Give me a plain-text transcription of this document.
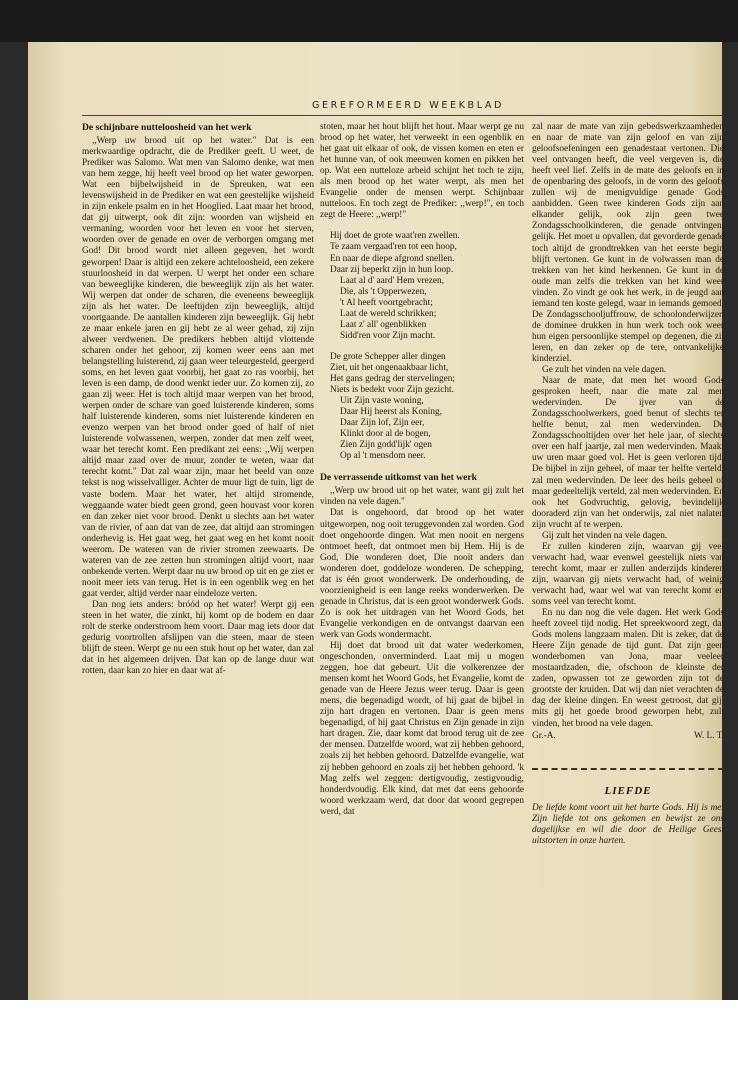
GEREFORMEERD WEEKBLAD
De schijnbare nutteloosheid van het werk

,,Werp uw brood uit op het water." Dat is een merkwaardige opdracht, die de Prediker geeft. U weet, de Prediker was Salomo. Wat men van Salomo denke, wat men van hem zegge, hij heeft veel brood op het water geworpen. Wat een bijbelwijsheid in de Spreuken, wat een levenswijsheid in de Prediker en wat een geestelijke wijsheid in zijn enkele psalm en in het Hooglied. Laat maar het brood, dat gij uitwerpt, ook dit zijn: woorden van wijsheid en vermaning, woorden voor het leven en voor het sterven, woorden over de genade en over de verborgen omgang met God! Dit brood wordt niet alleen gegeven, het wordt geworpen! Daar is altijd een zekere achteloosheid, een zekere stuurloosheid in dat werpen. U werpt het onder een schare van beweeglijke kinderen, die beweeglijk zijn als het water. Wij werpen dat onder de scharen, die eveneens beweeglijk zijn als het water. De leeftijden zijn beweeglijk, altijd voortgaande. De aantallen kinderen zijn beweeglijk. Gij hebt ze maar enkele jaren en gij hebt ze al weer gehad, zij zijn alweer verdwenen. De predikers hebben altijd vlottende scharen onder het gehoor, zij komen weer eens aan met belangstelling luisterend, zij gaan weer teleurgesteld, geergerd soms, en het leven gaat voorbij, het gaat zo ras voorbij, het leven is een damp, de dood wenkt ieder uur. Zo komen zij, zo gaan zij weer. Het is toch altijd maar werpen van het brood, werpen onder de schare van goed luisterende kinderen, soms half luisterende kinderen, soms niet luisterende kinderen en evenzo werpen van het brood onder goed of half of niet luisterende volwassenen, werpen, zonder dat men zelf weet, waar het terecht komt. Een predikant zei eens: ,,Wij werpen altijd maar zaad over de muur, zonder te weten, waar dat terecht komt." Dat zal waar zijn, maar het beeld van onze tekst is nog wisselvalliger. Achter de muur ligt de tuin, ligt de vaste bodem. Maar het water, het altijd stromende, weggaande water biedt geen grond, geen houvast voor koren en dan zeker niet voor brood. Denkt u slechts aan het water van de rivier, of aan dat van de zee, dat altijd aan stromingen onderhevig is. Het gaat weg, het gaat weg en het komt nooit weerom. De wateren van de rivier stromen zeewaarts. De wateren van de zee zetten hun stromingen altijd voort, naar onbekende verten. Werpt daar nu uw brood op uit en ge ziet er nooit meer iets van terug. Het is in een ogenblik weg en het gaat verder, altijd verder naar eindeloze verten.

Dan nog iets anders: bróód op het water! Werpt gij een steen in het water, die zinkt, hij komt op de bodem en daar rolt de sterke onderstroom hem voort. Daar mag iets door dat gedurig voortrollen afslijpen van die steen, maar de steen blijft de steen. Werpt ge nu een stuk hout op het water, dan zal dat in het algemeen drijven. Dat kan op de lange duur wat rotten, daar kan zo hier en daar wat af-

stoten, maar het hout blijft het hout. Maar werpt ge nu brood op het water, het verweekt in een ogenblik en het gaat uit elkaar of ook, de vissen komen en eten er het hunne van, of ook meeuwen komen en pikken het op. Wat een nutteloze arbeid schijnt het toch te zijn, als men brood op het water werpt, als men het Evangelie onder de mensen werpt. Schijnbaar nutteloos. En toch zegt de Prediker: ,,werp!", en toch zegt de Heere: ,,werp!"

Hij doet de grote waat'ren zwellen.
Te zaam vergaad'ren tot een hoop,
En naar de diepe afgrond snellen.
Daar zij beperkt zijn in hun loop.
Laat al d' aard' Hem vrezen,
Die, als 't Opperwezen,
't Al heeft voortgebracht;
Laat de wereld schrikken;
Laat z' all' ogenblikken
Sidd'ren voor Zijn macht.
De grote Schepper aller dingen
Ziet, uit het ongenaakbaar licht,
Het gans gedrag der stervelingen;
Niets is bedekt voor Zijn gezicht.
Uit Zijn vaste woning,
Daar Hij heerst als Koning,
Daar Zijn lof, Zijn eer,
Klinkt door al de bogen,
Zien Zijn godd'lijk' ogen
Op al 't mensdom neer.
De verrassende uitkomst van het werk

,,Werp uw brood uit op het water, want gij zult het vinden na vele dagen."

Dat is ongehoord, dat brood op het water uitgeworpen, nog ooit teruggevonden zal worden. God doet ongehoorde dingen. Wat men nooit en nergens ontmoet heeft, dat ontmoet men bij Hem. Hij is de God, Die wonderen doet, Die nooit anders dan wonderen doet, goddeloze wonderen. De schepping, dat is één groot wonderwerk. De onderhouding, de voorzienigheid is een lange reeks wonderwerken. De genade in Christus, dat is een groot wonderwerk Gods. Zo is ook het uitdragen van het Woord Gods, het Evangelie verkondigen en de ontvangst daarvan een werk van Gods wondermacht.

Hij doet dat brood uit dat water wederkomen, ongeschonden, onverminderd. Laat mij u mogen zeggen, hoe dat gebeurt. Uit die volkerenzee der mensen komt het Woord Gods, het Evangelie, komt de genade van de Heere Jezus weer terug. Daar is geen mens, die begenadigd wordt, of hij gaat de bijbel in zijn hart dragen en vertonen. Daar is geen mens begenadigd, of hij gaat Christus en Zijn genade in zijn hart dragen. Zie, daar komt dat brood terug uit de zee der mensen. Datzelfde woord, wat zij hebben gehoord, zoals zij het hebben gehoord. Datzelfde evangelie, wat zij hebben gehoord en zoals zij het hebben gehoord. 'k Mag zelfs wel zeggen: dertigvoudig, zestigvoudig, honderdvoudig. Elk kind, dat met dat eens gehoorde woord werkzaam werd, dat door dat woord gegrepen werd, dat

zal naar de mate van zijn gebedswerkzaamheden en naar de mate van zijn geloof en van zijn geloofsoefeningen een genadestaat vertonen. Die veel ontvangen heeft, die veel vergeven is, die heeft veel lief. Zelfs in de mate des geloofs en in de openbaring des geloofs, in de vorm des geloofs zullen wij de menigvuldige genade Gods aanbidden. Geen twee kinderen Gods zijn aan elkander gelijk, ook zijn geen twee Zondagsschoolkinderen, die genade ontvingen, gelijk. Het moet u opvallen, dat gevorderde genade toch altijd de grondtrekken van het eerste begin blijft vertonen. Ge kunt in de volwassen man de trekken van het kind herkennen. Ge kunt in de oude man zelfs die trekken van het kind weer vinden. Zo vindt ge ook het werk, in de jeugd aan iemand ten koste gelegd, waar in iemands gemoed. De Zondagsschooljuffrouw, de schoolonderwijzer, de dominee drukken in hun werk toch ook weer hun eigen persoonlijke stempel op degenen, die zij leren, en dan zeker op de tere, ontvankelijke kinderziel.

Ge zult het vinden na vele dagen.

Naar de mate, dat men het woord Gods gesproken heeft, naar die mate zal men wedervinden. De ijver van de Zondagsschoolwerkers, goed benut of slechts ter helfte benut, zal men wedervinden. De Zondagsschooltijden over het hele jaar, of slechts over een half jaartje, zal men wedervinden. Maakt uw uren maar goed vol. Het is geen verloren tijd. De bijbel in zijn geheel, of maar ter helfte verteld, zal men wedervinden. De leer des heils geheel of maar gedeeltelijk verteld, zal men wedervinden. En ook het Godvruchtig, gelovig, bevindelijk dooraderd zijn van het onderwijs, zal niet nalaten zijn vrucht af te werpen.

Gij zult het vinden na vele dagen.

Er zullen kinderen zijn, waarvan gij veel verwacht had, waar evenwel geestelijk niets van terecht komt, maar er zullen anderzijds kinderen zijn, waarvan gij niets verwacht had, of weinig verwacht had, waar wel wat van terecht komt en soms veel van terecht komt.

En nu dan nog die vele dagen. Het werk Gods heeft zoveel tijd nodig. Het spreekwoord zegt, dat Gods molens langzaam malen. Dit is zeker, dat de Heere Zijn genade de tijd gunt. Dat zijn geen wonderbomen van Jona, maar veeleer mostaardzaden, die, ofschoon de kleinste der zaden, opwassen tot ze geworden zijn tot de grootste der kruiden. Dat wij dan niet verachten de dag der kleine dingen. En weest getroost, dat gij, mits gij het goede brood geworpen hebt, zult vinden, het brood na vele dagen.

Gr.-A.	W. L. T.
LIEFDE
De liefde komt voort uit het harte Gods. Hij is met Zijn liefde tot ons gekomen en bewijst ze ons dagelijkse en wil die door de Heilige Geest uitstorten in onze harten.
